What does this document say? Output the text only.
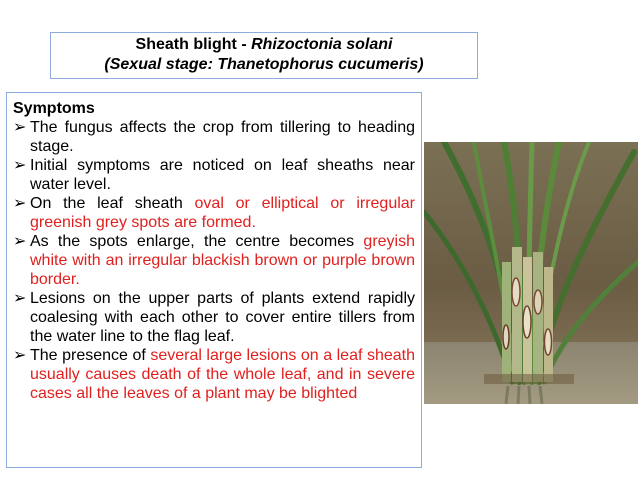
Sheath blight - Rhizoctonia solani
(Sexual stage: Thanetophorus cucumeris)
Symptoms
➢ The fungus affects the crop from tillering to heading stage.
➢ Initial symptoms are noticed on leaf sheaths near water level.
➢ On the leaf sheath oval or elliptical or irregular greenish grey spots are formed.
➢ As the spots enlarge, the centre becomes greyish white with an irregular blackish brown or purple brown border.
➢ Lesions on the upper parts of plants extend rapidly coalesing with each other to cover entire tillers from the water line to the flag leaf.
➢ The presence of several large lesions on a leaf sheath usually causes death of the whole leaf, and in severe cases all the leaves of a plant may be blighted
